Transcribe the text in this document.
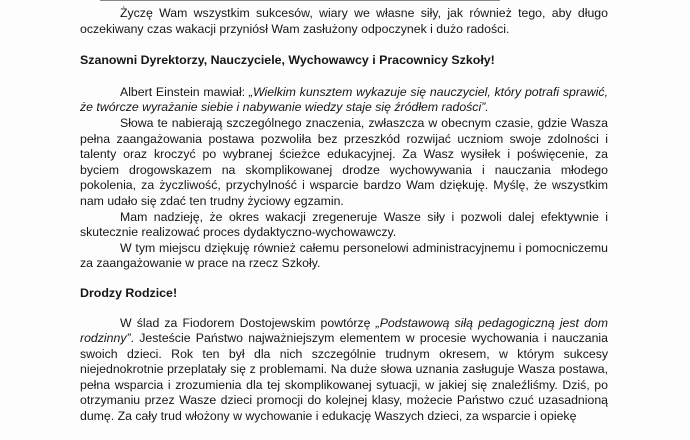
Życzę Wam wszystkim sukcesów, wiary we własne siły, jak również tego, aby długo oczekiwany czas wakacji przyniósł Wam zasłużony odpoczynek i dużo radości.

Szanowni Dyrektorzy, Nauczyciele, Wychowawcy i Pracownicy Szkoły!

Albert Einstein mawiał: „Wielkim kunsztem wykazuje się nauczyciel, który potrafi sprawić, że twórcze wyrażanie siebie i nabywanie wiedzy staje się źródłem radości”.

Słowa te nabierają szczególnego znaczenia, zwłaszcza w obecnym czasie, gdzie Wasza pełna zaangażowania postawa pozwoliła bez przeszkód rozwijać uczniom swoje zdolności i talenty oraz kroczyć po wybranej ścieżce edukacyjnej. Za Wasz wysiłek i poświęcenie, za byciem drogowskazem na skomplikowanej drodze wychowywania i nauczania młodego pokolenia, za życzliwość, przychylność i wsparcie bardzo Wam dziękuję. Myślę, że wszystkim nam udało się zdać ten trudny życiowy egzamin.

Mam nadzieję, że okres wakacji zregeneruje Wasze siły i pozwoli dalej efektywnie i skutecznie realizować proces dydaktyczno-wychowawczy.

W tym miejscu dziękuję również całemu personelowi administracyjnemu i pomocniczemu za zaangażowanie w prace na rzecz Szkoły.

Drodzy Rodzice!

W ślad za Fiodorem Dostojewskim powtórzę „Podstawową siłą pedagogiczną jest dom rodzinny”. Jesteście Państwo najważniejszym elementem w procesie wychowania i nauczania swoich dzieci. Rok ten był dla nich szczególnie trudnym okresem, w którym sukcesy niejednokrotnie przeplatały się z problemami. Na duże słowa uznania zasługuje Wasza postawa, pełna wsparcia i zrozumienia dla tej skomplikowanej sytuacji, w jakiej się znaleźliśmy. Dziś, po otrzymaniu przez Wasze dzieci promocji do kolejnej klasy, możecie Państwo czuć uzasadnioną dumę. Za cały trud włożony w wychowanie i edukację Waszych dzieci, za wsparcie i opiekę
